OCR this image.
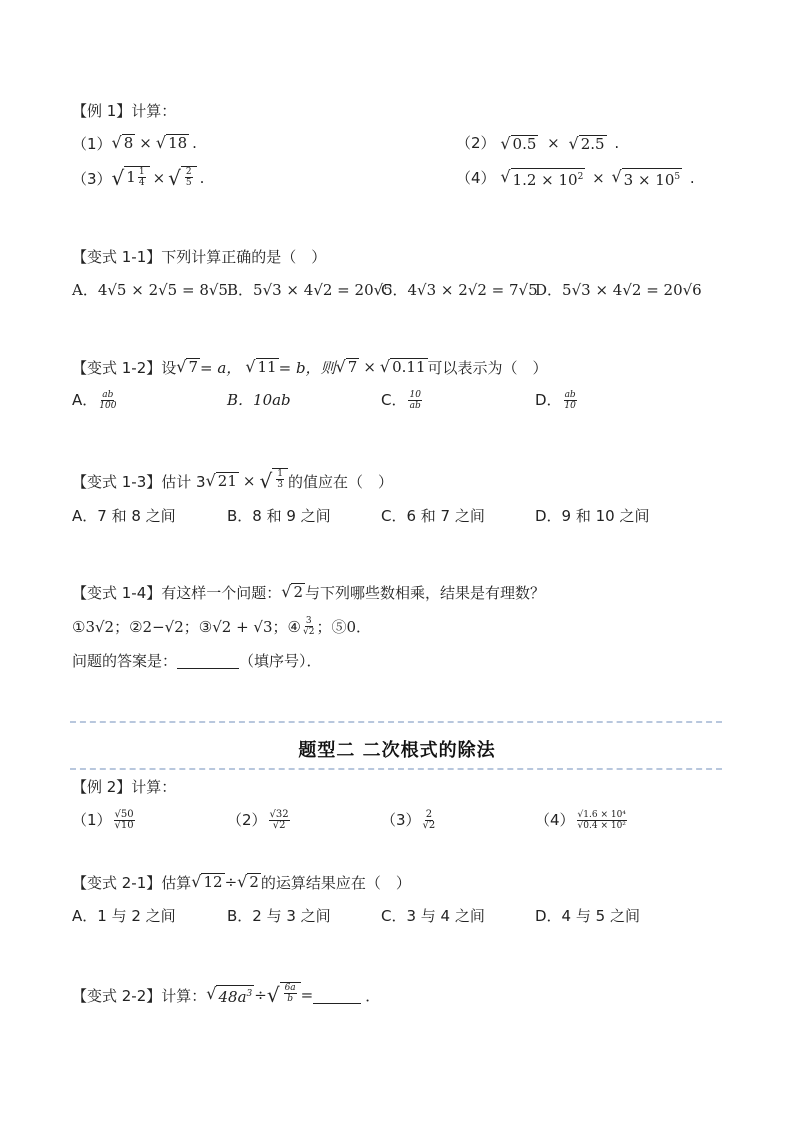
【例 1】计算：
（1） √ 8 × √ 18 .	（2） √ 0.5 × √ 2.5 .
（3） √ $1 \frac{1}{4}$ × √ $\frac{2}{5}$ .	（4） √ $1.2 \times 10^2$ × √ $3 \times 10^5$ .
【变式 1-1】下列计算正确的是（　）
A．4√5 × 2√5 = 8√5 B．5√3 × 4√2 = 20√5
C．4√3 × 2√2 = 7√5
D．5√3 × 4√2 = 20√6
【变式 1-2】设 √ 7 = a， √ 11 = b，则 √ 7 × √ 0.11 可以表示为（　）
A． $\frac{ab}{100}$	B．10ab	C． $\frac{10}{ab}$	D． $\frac{ab}{10}$
【变式 1-3】估计 3 √ 21 × √ $\frac{1}{3}$ 的值应在（　）
A．7 和 8 之间	B．8 和 9 之间	C．6 和 7 之间	D．9 和 10 之间
【变式 1-4】有这样一个问题： √ 2 与下列哪些数相乘，结果是有理数？
①3√2；②2−√2；③√2 + √3；④ $\frac{3}{√2}$ ；⑤0．
问题的答案是：	（填序号）．
题型二 二次根式的除法
【例 2】计算：
$(1) \frac{√50}{√10}$	$(2) \frac{√32}{√2}$	$(3) \frac{2}{√2}$	$(4) \frac{\text{√1.6 × 10⁴}}{\text{√0.4 × 10²}}$
【变式 2-1】估算 √ 12 ÷ √ 2 的运算结果应在（　）
A．1 与 2 之间	B．2 与 3 之间	C．3 与 4 之间	D．4 与 5 之间
【变式 2-2】计算： √ $48a^3$ ÷ √ $\frac{6a}{b}$ =	．
